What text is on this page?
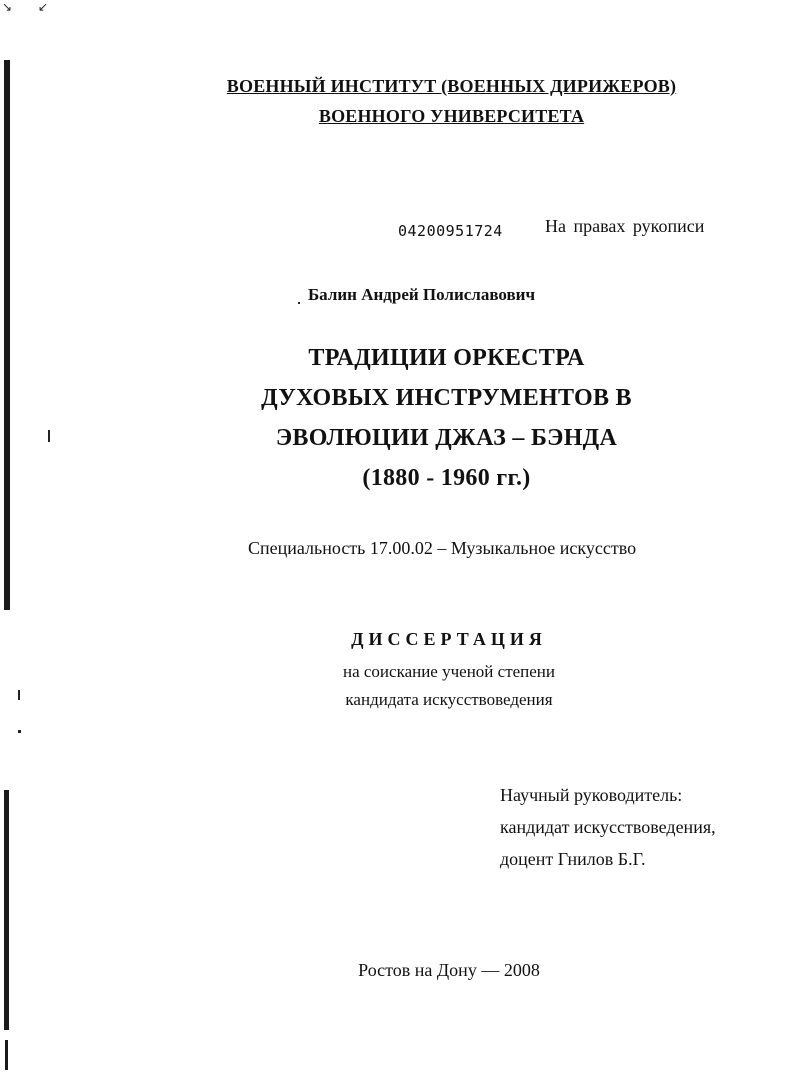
↘ ↙
ВОЕННЫЙ ИНСТИТУТ (ВОЕННЫХ ДИРИЖЕРОВ)
ВОЕННОГО УНИВЕРСИТЕТА
04200951724 На правах рукописи
Балин Андрей Полиславович
ТРАДИЦИИ ОРКЕСТРА
ДУХОВЫХ ИНСТРУМЕНТОВ В
ЭВОЛЮЦИИ ДЖАЗ – БЭНДА
(1880 - 1960 гг.)
Специальность 17.00.02 – Музыкальное искусство
ДИССЕРТАЦИЯ
на соискание ученой степени
кандидата искусствоведения
Научный руководитель:
кандидат искусствоведения,
доцент Гнилов Б.Г.
Ростов на Дону — 2008
